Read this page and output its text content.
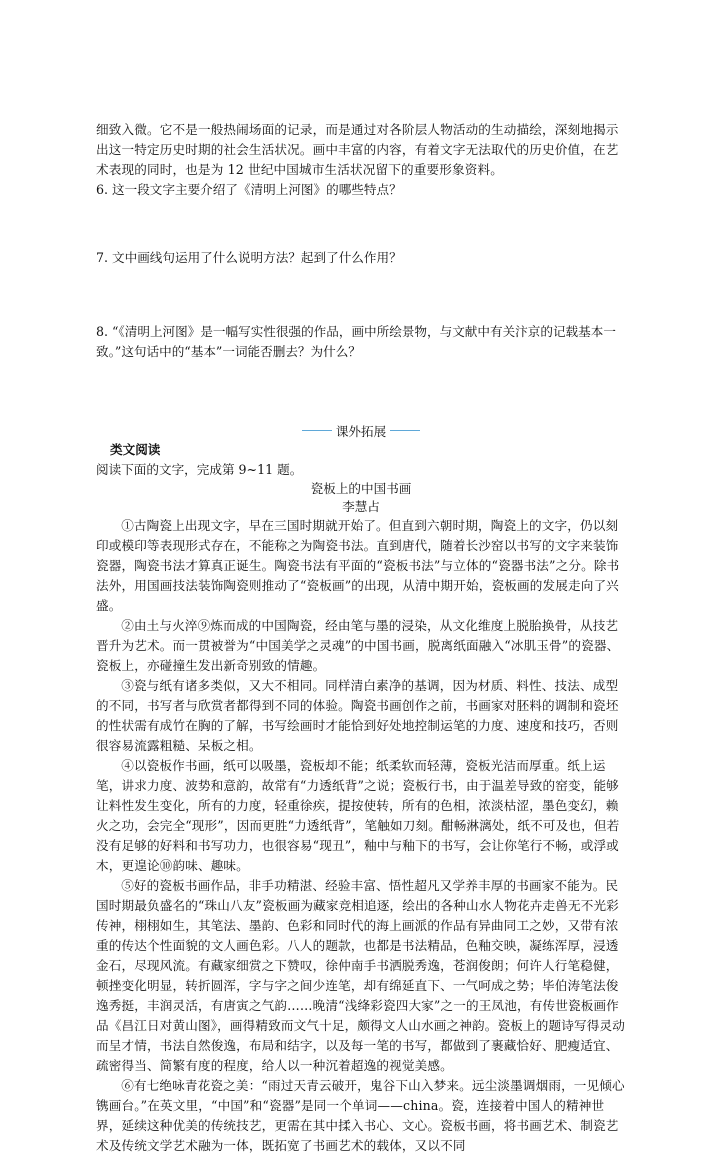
细致入微。它不是一般热闹场面的记录，而是通过对各阶层人物活动的生动描绘，深刻地揭示出这一特定历史时期的社会生活状况。画中丰富的内容，有着文字无法取代的历史价值，在艺术表现的同时，也是为 12 世纪中国城市生活状况留下的重要形象资料。

6. 这一段文字主要介绍了《清明上河图》的哪些特点？

7. 文中画线句运用了什么说明方法？起到了什么作用？

8. “《清明上河图》是一幅写实性很强的作品，画中所绘景物，与文献中有关汴京的记载基本一致。”这句话中的“基本”一词能否删去？为什么？

课外拓展

类文阅读

阅读下面的文字，完成第 9~11 题。

瓷板上的中国书画

李慧占

①古陶瓷上出现文字，早在三国时期就开始了。但直到六朝时期，陶瓷上的文字，仍以刻印或模印等表现形式存在，不能称之为陶瓷书法。直到唐代，随着长沙窑以书写的文字来装饰瓷器，陶瓷书法才算真正诞生。陶瓷书法有平面的“瓷板书法”与立体的“瓷器书法”之分。除书法外，用国画技法装饰陶瓷则推动了“瓷板画”的出现，从清中期开始，瓷板画的发展走向了兴盛。

②由土与火淬⑨炼而成的中国陶瓷，经由笔与墨的浸染，从文化维度上脱胎换骨，从技艺晋升为艺术。而一贯被誉为“中国美学之灵魂”的中国书画，脱离纸面融入“冰肌玉骨”的瓷器、瓷板上，亦碰撞生发出新奇别致的情趣。

③瓷与纸有诸多类似，又大不相同。同样清白素净的基调，因为材质、料性、技法、成型的不同，书写者与欣赏者都得到不同的体验。陶瓷书画创作之前，书画家对胚料的调制和瓷坯的性状需有成竹在胸的了解，书写绘画时才能恰到好处地控制运笔的力度、速度和技巧，否则很容易流露粗糙、呆板之相。

④以瓷板作书画，纸可以吸墨，瓷板却不能；纸柔软而轻薄，瓷板光洁而厚重。纸上运笔，讲求力度、波势和意韵，故常有“力透纸背”之说；瓷板行书，由于温差导致的窑变，能够让料性发生变化，所有的力度，轻重徐疾，提按使转，所有的色相，浓淡枯涩，墨色变幻，赖火之功，会完全“现形”，因而更胜“力透纸背”，笔触如刀刻。酣畅淋漓处，纸不可及也，但若没有足够的好料和书写功力，也很容易“现丑”，釉中与釉下的书写，会让你笔行不畅，或浮或木，更遑论⑩韵味、趣味。

⑤好的瓷板书画作品，非手功精湛、经验丰富、悟性超凡又学养丰厚的书画家不能为。民国时期最负盛名的“珠山八友”瓷板画为藏家竞相追逐，绘出的各种山水人物花卉走兽无不光彩传神，栩栩如生，其笔法、墨韵、色彩和同时代的海上画派的作品有异曲同工之妙，又带有浓重的传达个性面貌的文人画色彩。八人的题款，也都是书法精品，色釉交映，凝练浑厚，浸透金石，尽现风流。有藏家细赏之下赞叹，徐仲南手书洒脱秀逸，苍润俊朗；何许人行笔稳健，顿挫变化明显，转折圆浑，字与字之间少连笔，却有绵延直下、一气呵成之势；毕伯涛笔法俊逸秀挺，丰润灵活，有唐寅之气韵……晚清“浅绛彩瓷四大家”之一的王凤池，有传世瓷板画作品《昌江日对黄山图》，画得精致而文气十足，颇得文人山水画之神韵。瓷板上的题诗写得灵动而呈才情，书法自然俊逸，布局和结字，以及每一笔的书写，都做到了裹藏恰好、肥瘦适宜、疏密得当、简繁有度的程度，给人以一种沉着超逸的视觉美感。

⑥有七绝咏青花瓷之美：“雨过天青云破开，鬼谷下山入梦来。远尘淡墨调烟雨，一见倾心镌画台。”在英文里，“中国”和“瓷器”是同一个单词——china。瓷，连接着中国人的精神世界，延续这种优美的传统技艺，更需在其中揉入书心、文心。瓷板书画，将书画艺术、制瓷艺术及传统文学艺术融为一体，既拓宽了书画艺术的载体，又以不同
